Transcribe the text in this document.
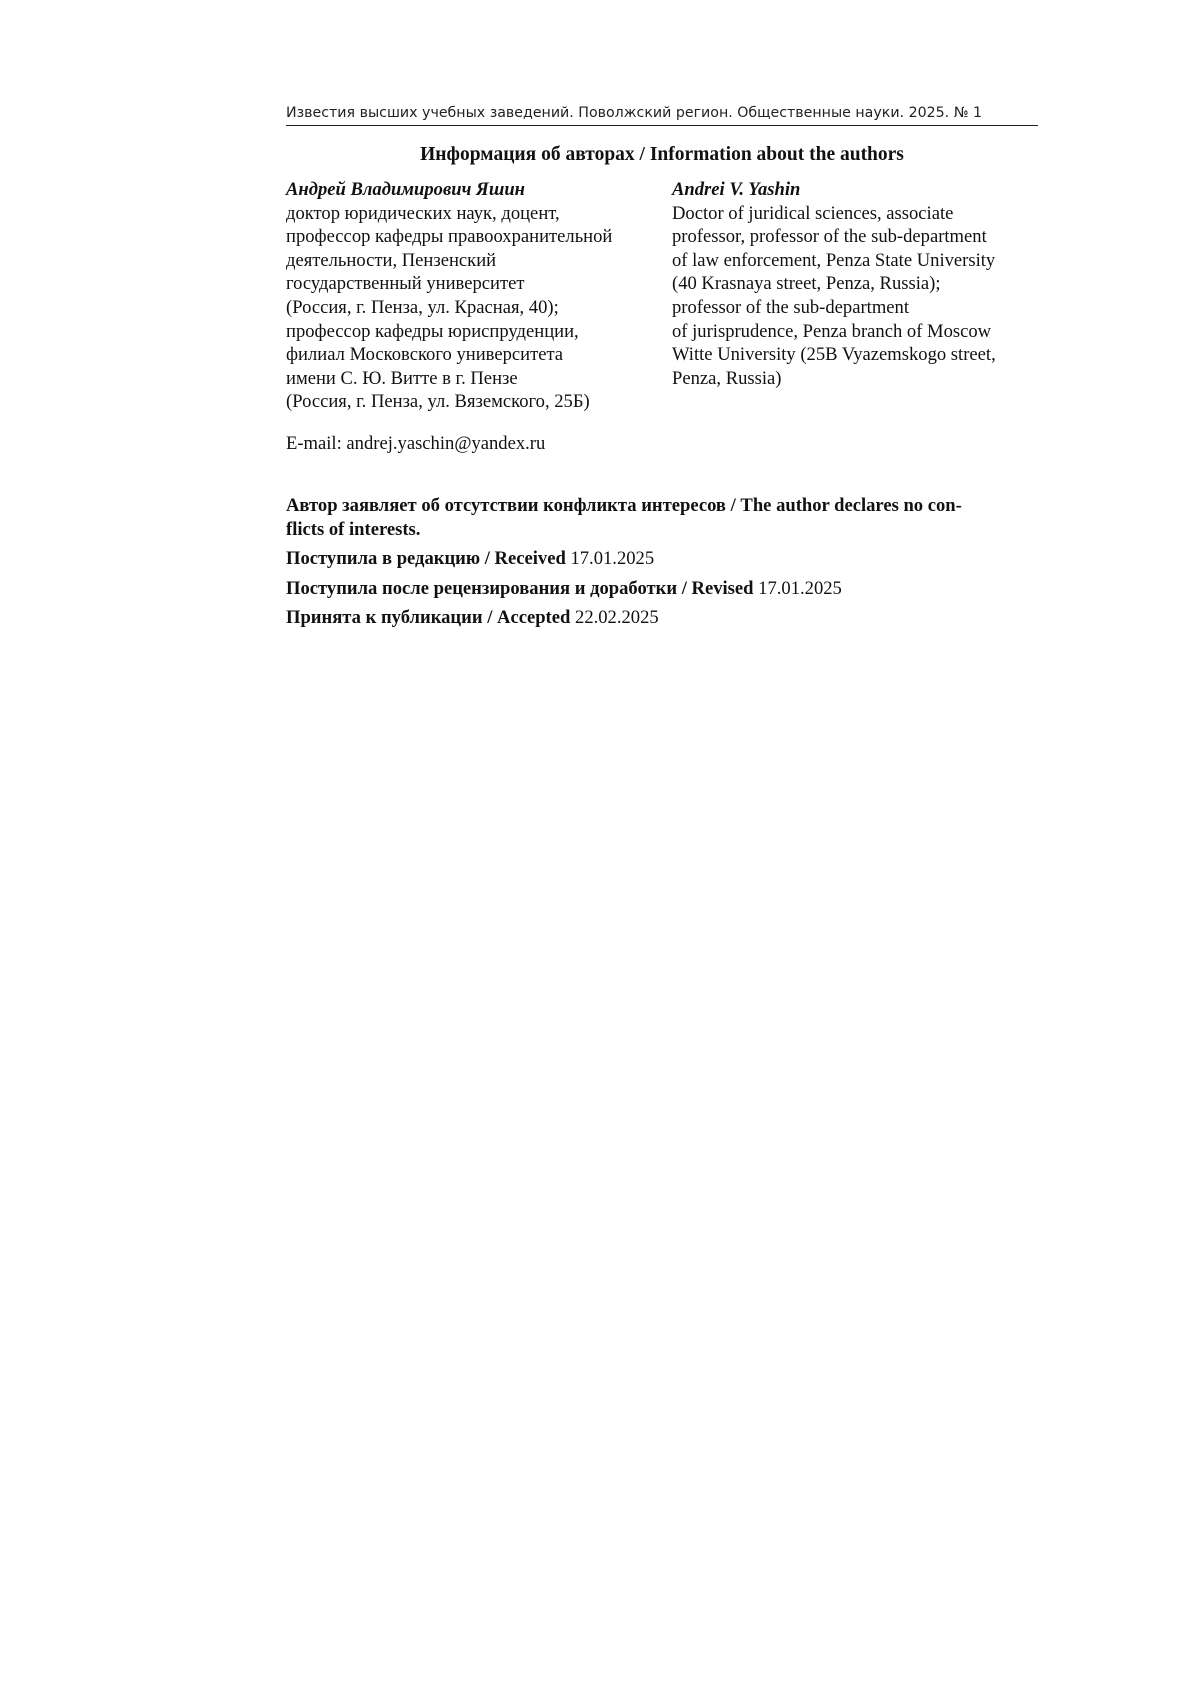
Известия высших учебных заведений. Поволжский регион. Общественные науки. 2025. № 1
Информация об авторах / Information about the authors
Андрей Владимирович Яшин
доктор юридических наук, доцент,
профессор кафедры правоохранительной
деятельности, Пензенский
государственный университет
(Россия, г. Пенза, ул. Красная, 40);
профессор кафедры юриспруденции,
филиал Московского университета
имени С. Ю. Витте в г. Пензе
(Россия, г. Пенза, ул. Вяземского, 25Б)
Andrei V. Yashin
Doctor of juridical sciences, associate
professor, professor of the sub-department
of law enforcement, Penza State University
(40 Krasnaya street, Penza, Russia);
professor of the sub-department
of jurisprudence, Penza branch of Moscow
Witte University (25B Vyazemskogo street,
Penza, Russia)
E-mail: andrej.yaschin@yandex.ru
Автор заявляет об отсутствии конфликта интересов / The author declares no con-
flicts of interests.
Поступила в редакцию / Received 17.01.2025
Поступила после рецензирования и доработки / Revised 17.01.2025
Принята к публикации / Accepted 22.02.2025
